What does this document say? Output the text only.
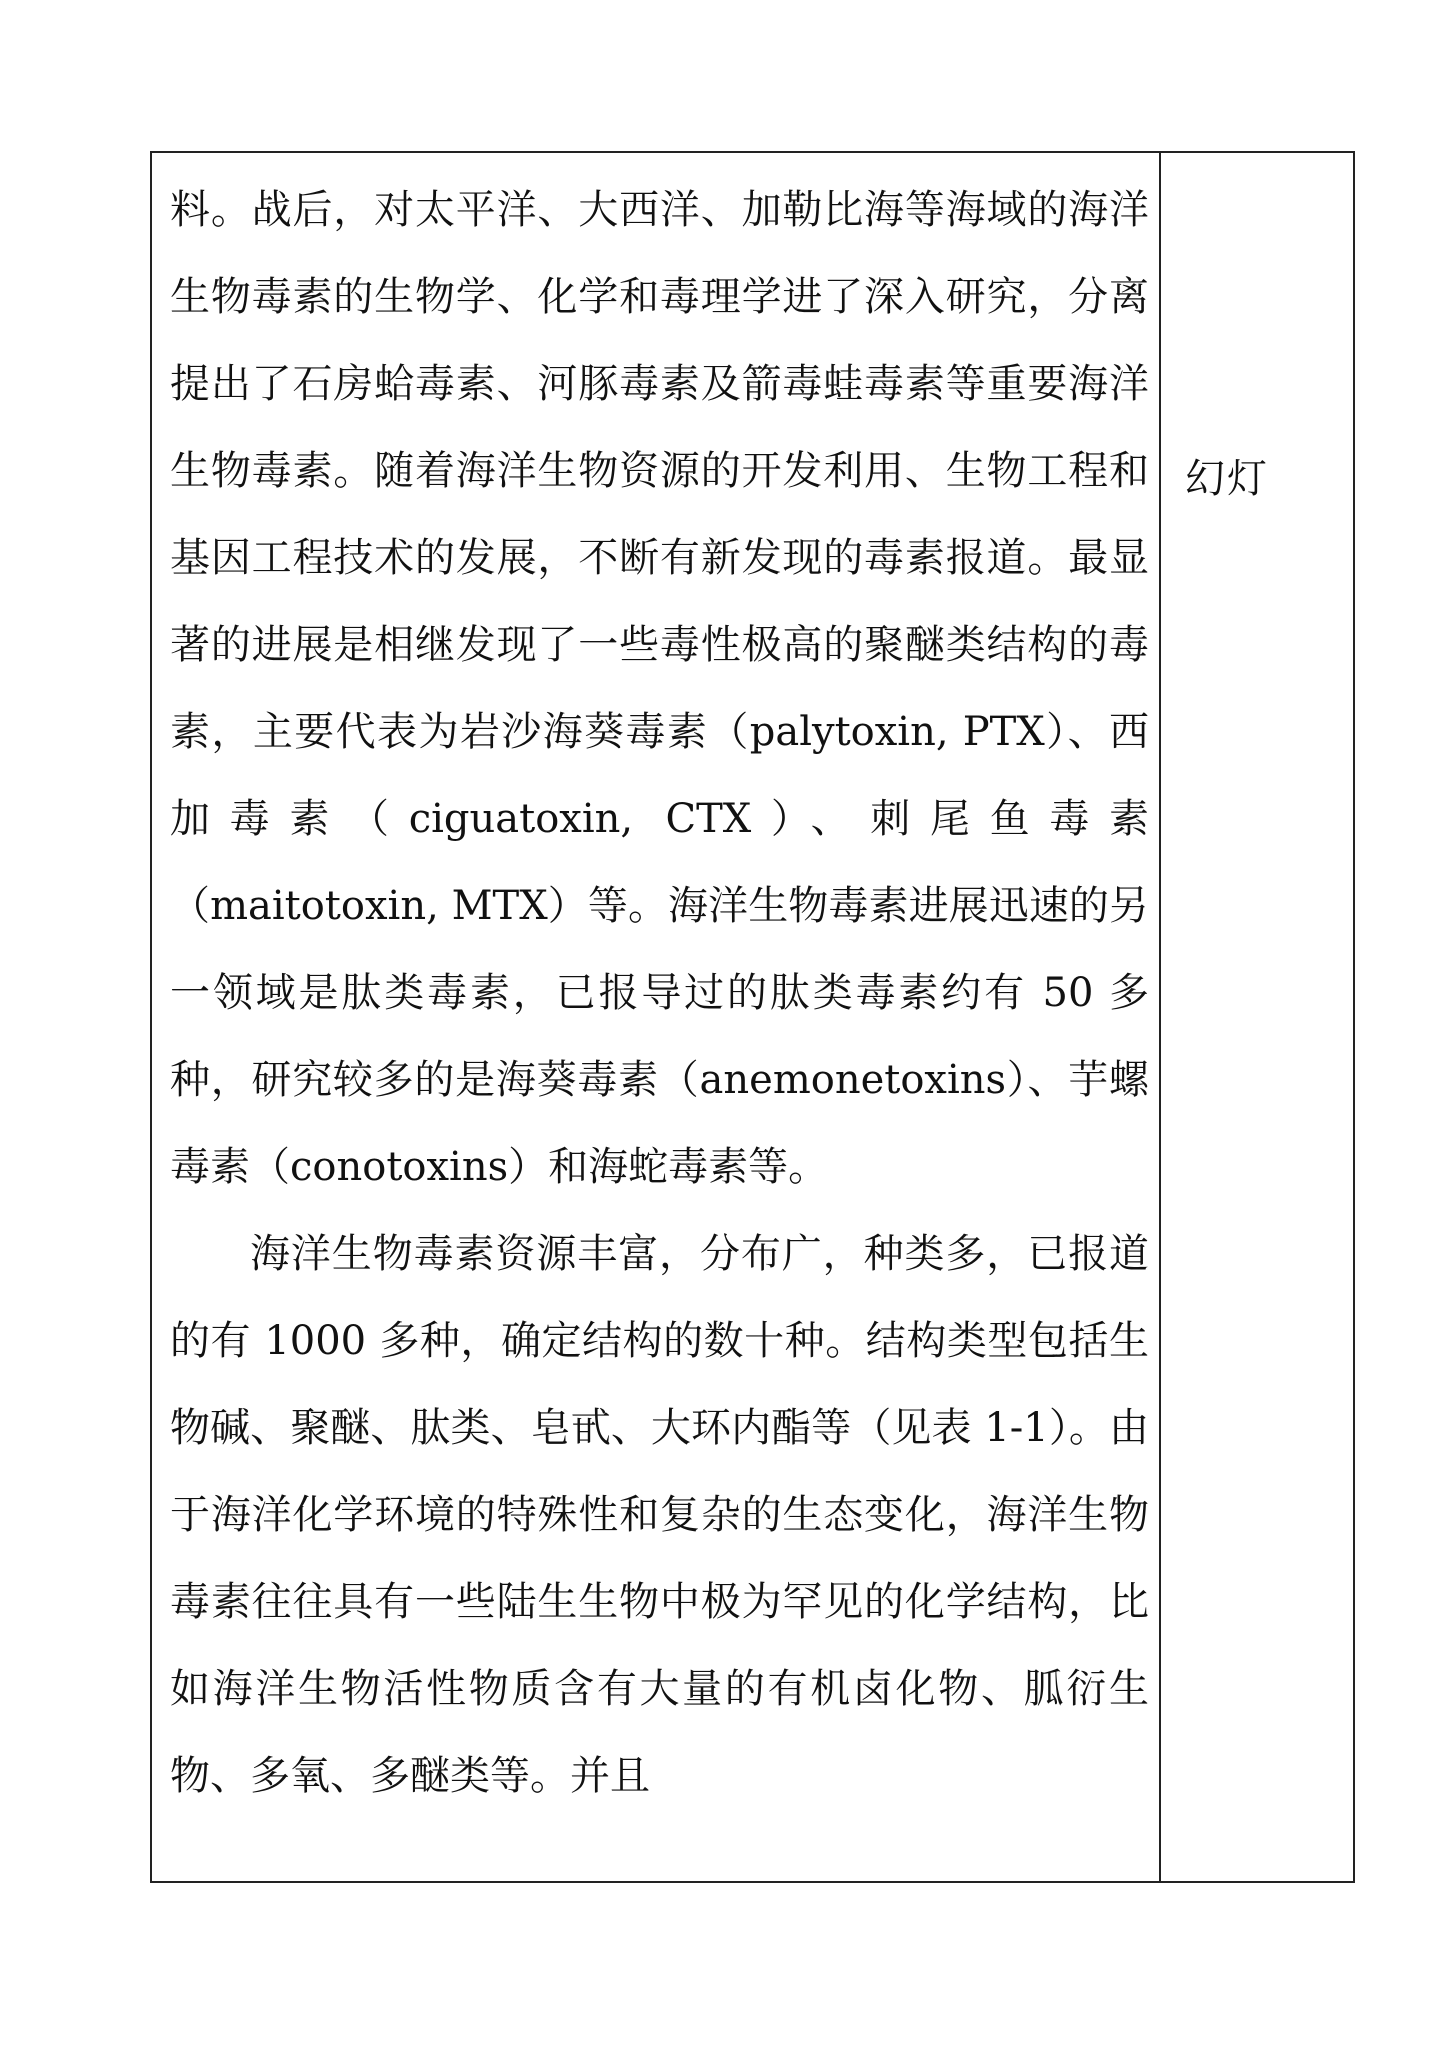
料。战后，对太平洋、大西洋、加勒比海等海域的海洋生物毒素的生物学、化学和毒理学进了深入研究，分离提出了石房蛤毒素、河豚毒素及箭毒蛙毒素等重要海洋生物毒素。随着海洋生物资源的开发利用、生物工程和基因工程技术的发展，不断有新发现的毒素报道。最显著的进展是相继发现了一些毒性极高的聚醚类结构的毒素，主要代表为岩沙海葵毒素（palytoxin, PTX）、西加毒素（ciguatoxin, CTX）、刺尾鱼毒素（maitotoxin, MTX）等。海洋生物毒素进展迅速的另一领域是肽类毒素，已报导过的肽类毒素约有 50 多种，研究较多的是海葵毒素（anemonetoxins）、芋螺毒素（conotoxins）和海蛇毒素等。

海洋生物毒素资源丰富，分布广，种类多，已报道的有 1000 多种，确定结构的数十种。结构类型包括生物碱、聚醚、肽类、皂甙、大环内酯等（见表 1-1）。由于海洋化学环境的特殊性和复杂的生态变化，海洋生物毒素往往具有一些陆生生物中极为罕见的化学结构，比如海洋生物活性物质含有大量的有机卤化物、胍衍生物、多氧、多醚类等。并且

幻灯
